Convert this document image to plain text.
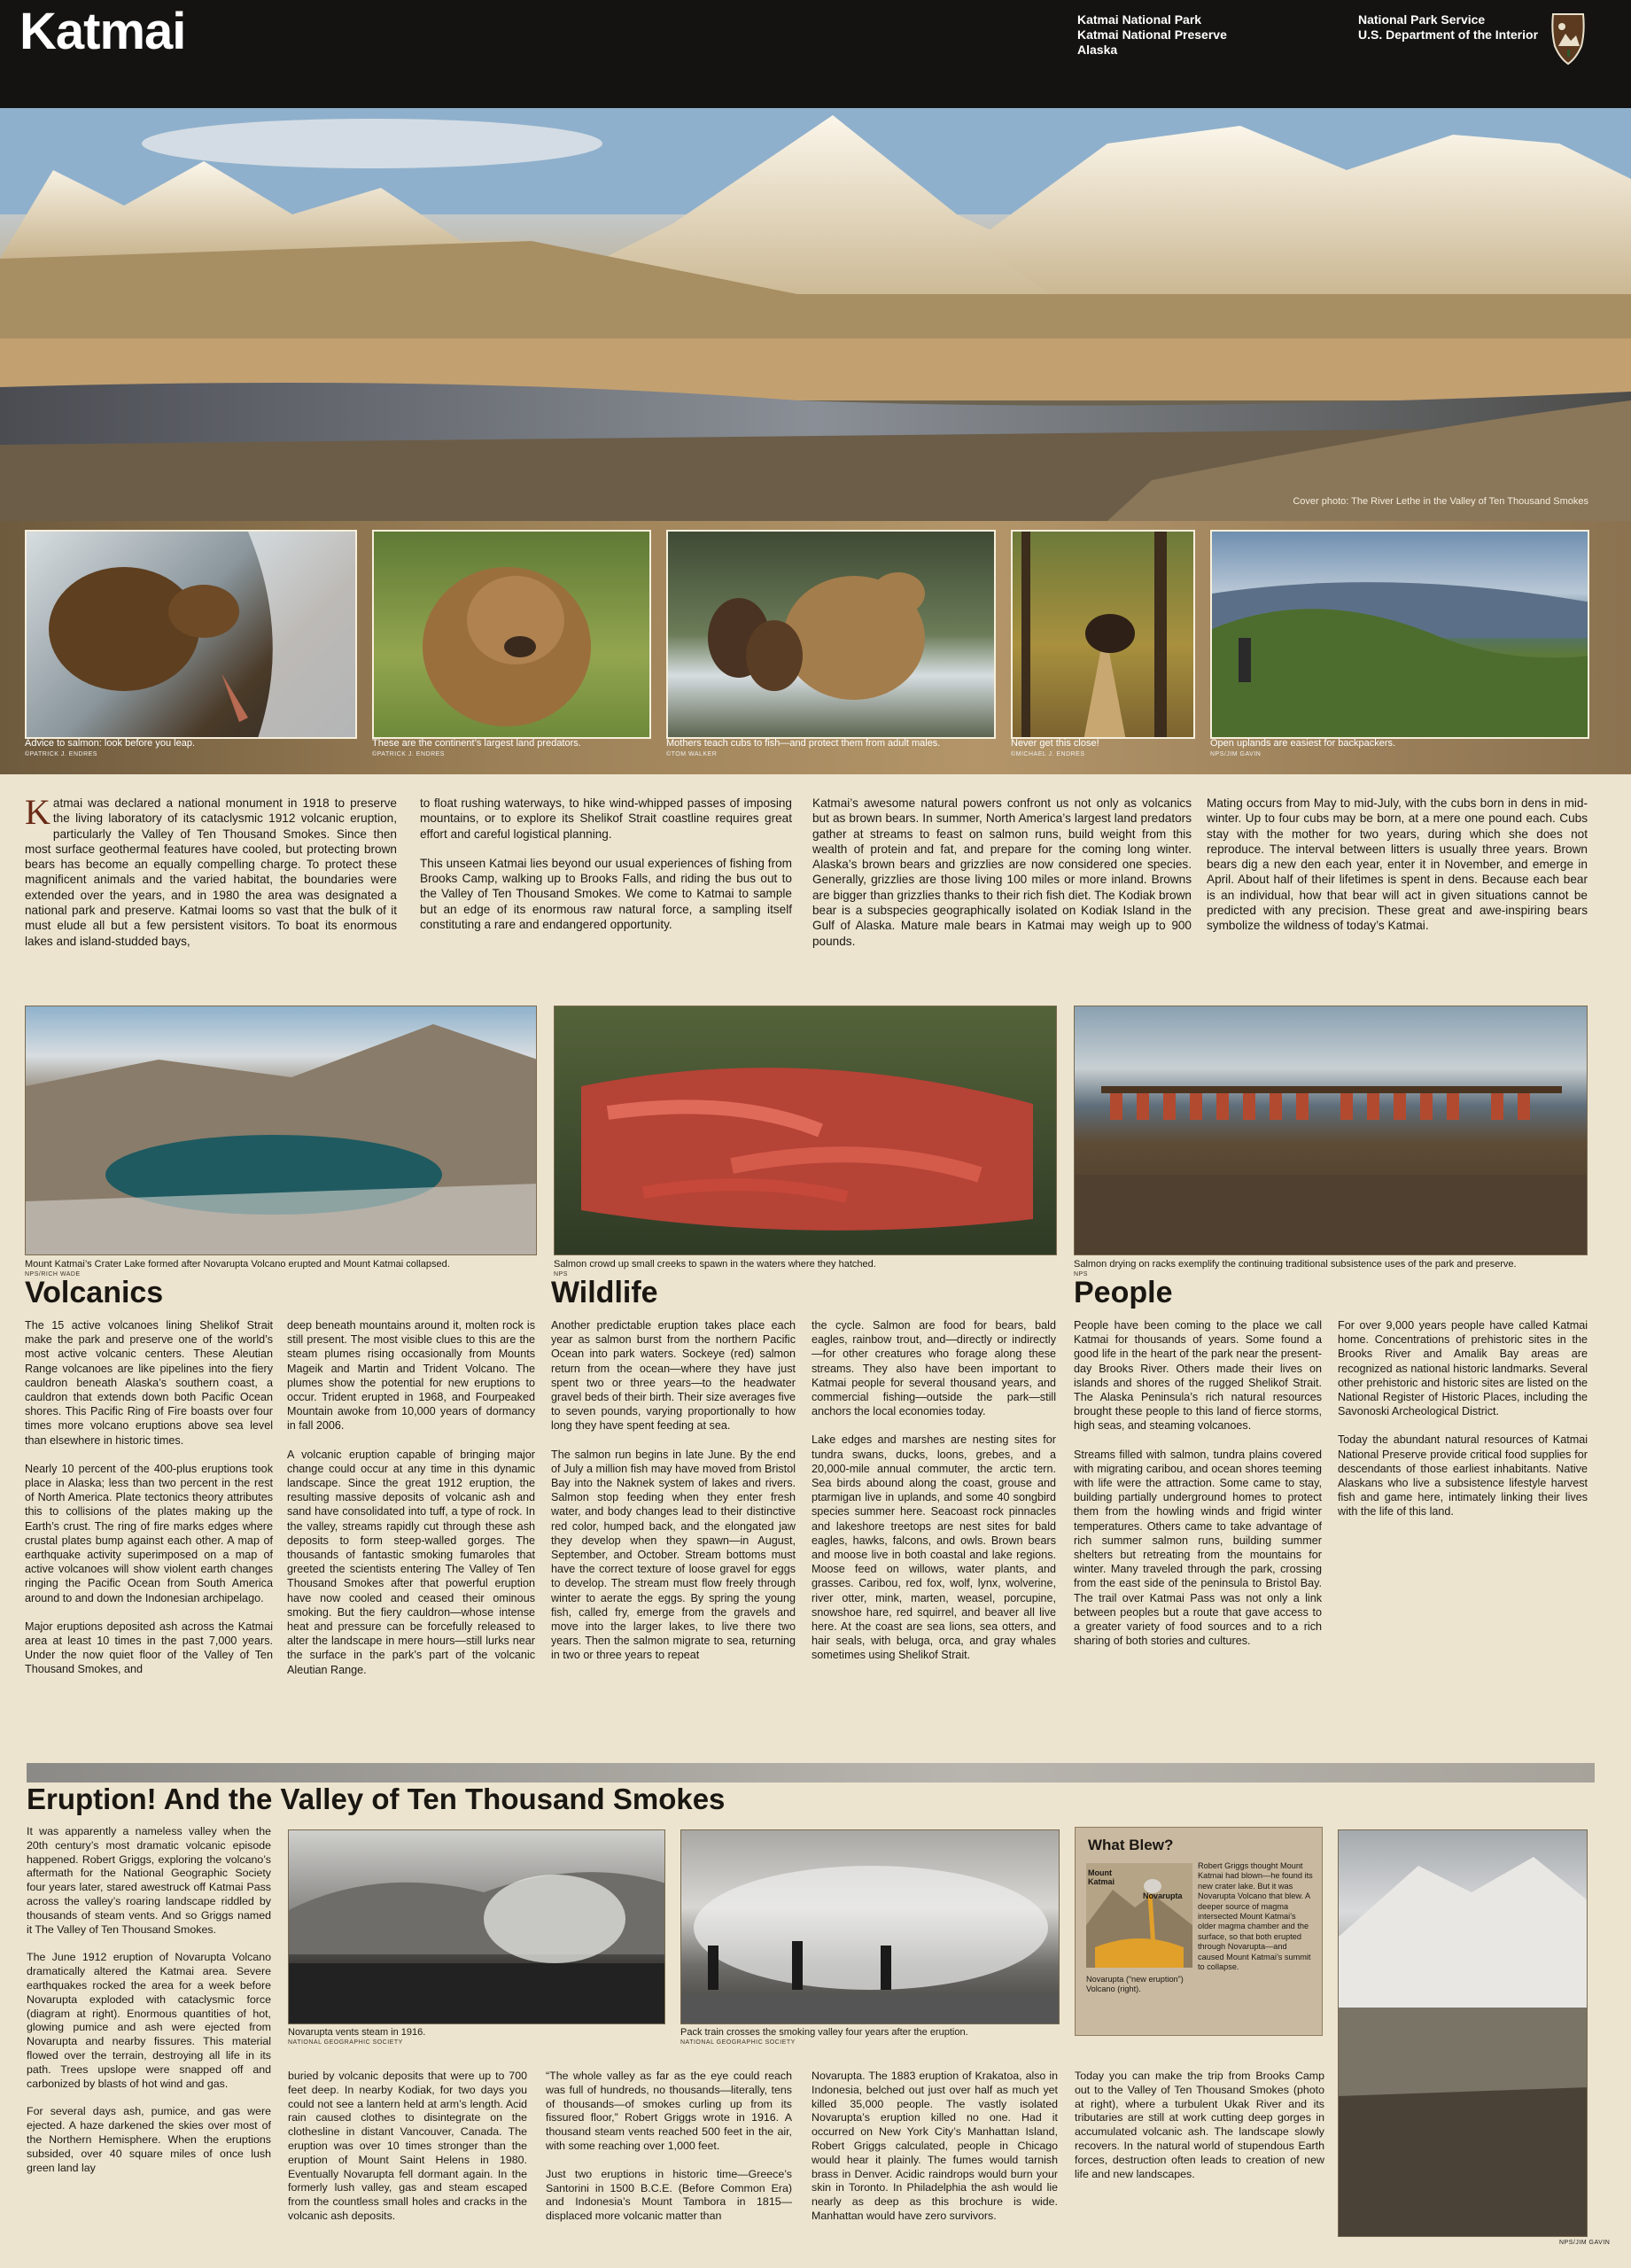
Katmai	Katmai National Park
Katmai National Preserve
Alaska
National Park Service
U.S. Department of the Interior
Cover photo: The River Lethe in the Valley of Ten Thousand Smokes
Advice to salmon: look before you leap.
©PATRICK J. ENDRES
These are the continent’s largest land predators.
©PATRICK J. ENDRES
Mothers teach cubs to fish—and protect them from adult males.
©TOM WALKER
Never get this close!
©MICHAEL J. ENDRES
Open uplands are easiest for backpackers.
NPS/JIM GAVIN
Katmai was declared a national monument in 1918 to preserve the living laboratory of its cataclysmic 1912 volcanic eruption, particularly the Valley of Ten Thousand Smokes. Since then most surface geothermal features have cooled, but protecting brown bears has become an equally compelling charge. To protect these magnificent animals and the varied habitat, the boundaries were extended over the years, and in 1980 the area was designated a national park and preserve. Katmai looms so vast that the bulk of it must elude all but a few persistent visitors. To boat its enormous lakes and island-studded bays,

to float rushing waterways, to hike wind-whipped passes of imposing mountains, or to explore its Shelikof Strait coastline requires great effort and careful logistical planning.

This unseen Katmai lies beyond our usual experiences of fishing from Brooks Camp, walking up to Brooks Falls, and riding the bus out to the Valley of Ten Thousand Smokes. We come to Katmai to sample but an edge of its enormous raw natural force, a sampling itself constituting a rare and endangered opportunity.

Katmai’s awesome natural powers confront us not only as volcanics but as brown bears. In summer, North America’s largest land predators gather at streams to feast on salmon runs, build weight from this wealth of protein and fat, and prepare for the coming long winter. Alaska’s brown bears and grizzlies are now considered one species. Generally, grizzlies are those living 100 miles or more inland. Browns are bigger than grizzlies thanks to their rich fish diet. The Kodiak brown bear is a subspecies geographically isolated on Kodiak Island in the Gulf of Alaska. Mature male bears in Katmai may weigh up to 900 pounds.

Mating occurs from May to mid-July, with the cubs born in dens in mid-winter. Up to four cubs may be born, at a mere one pound each. Cubs stay with the mother for two years, during which she does not reproduce. The interval between litters is usually three years. Brown bears dig a new den each year, enter it in November, and emerge in April. About half of their lifetimes is spent in dens. Because each bear is an individual, how that bear will act in given situations cannot be predicted with any precision. These great and awe-inspiring bears symbolize the wildness of today’s Katmai.

Mount Katmai’s Crater Lake formed after Novarupta Volcano erupted and Mount Katmai collapsed.
NPS/RICH WADE
Salmon crowd up small creeks to spawn in the waters where they hatched.
NPS
Salmon drying on racks exemplify the continuing traditional subsistence uses of the park and preserve.
NPS
Volcanics

The 15 active volcanoes lining Shelikof Strait make the park and preserve one of the world’s most active volcanic centers. These Aleutian Range volcanoes are like pipelines into the fiery cauldron beneath Alaska’s southern coast, a cauldron that extends down both Pacific Ocean shores. This Pacific Ring of Fire boasts over four times more volcano eruptions above sea level than elsewhere in historic times.

Nearly 10 percent of the 400-plus eruptions took place in Alaska; less than two percent in the rest of North America. Plate tectonics theory attributes this to collisions of the plates making up the Earth’s crust. The ring of fire marks edges where crustal plates bump against each other. A map of earthquake activity superimposed on a map of active volcanoes will show violent earth changes ringing the Pacific Ocean from South America around to and down the Indonesian archipelago.

Major eruptions deposited ash across the Katmai area at least 10 times in the past 7,000 years. Under the now quiet floor of the Valley of Ten Thousand Smokes, and

deep beneath mountains around it, molten rock is still present. The most visible clues to this are the steam plumes rising occasionally from Mounts Mageik and Martin and Trident Volcano. The plumes show the potential for new eruptions to occur. Trident erupted in 1968, and Fourpeaked Mountain awoke from 10,000 years of dormancy in fall 2006.

A volcanic eruption capable of bringing major change could occur at any time in this dynamic landscape. Since the great 1912 eruption, the resulting massive deposits of volcanic ash and sand have consolidated into tuff, a type of rock. In the valley, streams rapidly cut through these ash deposits to form steep-walled gorges. The thousands of fantastic smoking fumaroles that greeted the scientists entering The Valley of Ten Thousand Smokes after that powerful eruption have now cooled and ceased their ominous smoking. But the fiery cauldron—whose intense heat and pressure can be forcefully released to alter the landscape in mere hours—still lurks near the surface in the park’s part of the volcanic Aleutian Range.

Wildlife

Another predictable eruption takes place each year as salmon burst from the northern Pacific Ocean into park waters. Sockeye (red) salmon return from the ocean—where they have just spent two or three years—to the headwater gravel beds of their birth. Their size averages five to seven pounds, varying proportionally to how long they have spent feeding at sea.

The salmon run begins in late June. By the end of July a million fish may have moved from Bristol Bay into the Naknek system of lakes and rivers. Salmon stop feeding when they enter fresh water, and body changes lead to their distinctive red color, humped back, and the elongated jaw they develop when they spawn—in August, September, and October. Stream bottoms must have the correct texture of loose gravel for eggs to develop. The stream must flow freely through winter to aerate the eggs. By spring the young fish, called fry, emerge from the gravels and move into the larger lakes, to live there two years. Then the salmon migrate to sea, returning in two or three years to repeat

the cycle. Salmon are food for bears, bald eagles, rainbow trout, and—directly or indirectly—for other creatures who forage along these streams. They also have been important to Katmai people for several thousand years, and commercial fishing—outside the park—still anchors the local economies today.

Lake edges and marshes are nesting sites for tundra swans, ducks, loons, grebes, and a 20,000-mile annual commuter, the arctic tern. Sea birds abound along the coast, grouse and ptarmigan live in uplands, and some 40 songbird species summer here. Seacoast rock pinnacles and lakeshore treetops are nest sites for bald eagles, hawks, falcons, and owls. Brown bears and moose live in both coastal and lake regions. Moose feed on willows, water plants, and grasses. Caribou, red fox, wolf, lynx, wolverine, river otter, mink, marten, weasel, porcupine, snowshoe hare, red squirrel, and beaver all live here. At the coast are sea lions, sea otters, and hair seals, with beluga, orca, and gray whales sometimes using Shelikof Strait.

People

People have been coming to the place we call Katmai for thousands of years. Some found a good life in the heart of the park near the present-day Brooks River. Others made their lives on islands and shores of the rugged Shelikof Strait. The Alaska Peninsula’s rich natural resources brought these people to this land of fierce storms, high seas, and steaming volcanoes.

Streams filled with salmon, tundra plains covered with migrating caribou, and ocean shores teeming with life were the attraction. Some came to stay, building partially underground homes to protect them from the howling winds and frigid winter temperatures. Others came to take advantage of rich summer salmon runs, building summer shelters but retreating from the mountains for winter. Many traveled through the park, crossing from the east side of the peninsula to Bristol Bay. The trail over Katmai Pass was not only a link between peoples but a route that gave access to a greater variety of food sources and to a rich sharing of both stories and cultures.

For over 9,000 years people have called Katmai home. Concentrations of prehistoric sites in the Brooks River and Amalik Bay areas are recognized as national historic landmarks. Several other prehistoric and historic sites are listed on the National Register of Historic Places, including the Savonoski Archeological District.

Today the abundant natural resources of Katmai National Preserve provide critical food supplies for descendants of those earliest inhabitants. Native Alaskans who live a subsistence lifestyle harvest fish and game here, intimately linking their lives with the life of this land.

Eruption! And the Valley of Ten Thousand Smokes

It was apparently a nameless valley when the 20th century’s most dramatic volcanic episode happened. Robert Griggs, exploring the volcano’s aftermath for the National Geographic Society four years later, stared awestruck off Katmai Pass across the valley’s roaring landscape riddled by thousands of steam vents. And so Griggs named it The Valley of Ten Thousand Smokes.

The June 1912 eruption of Novarupta Volcano dramatically altered the Katmai area. Severe earthquakes rocked the area for a week before Novarupta exploded with cataclysmic force (diagram at right). Enormous quantities of hot, glowing pumice and ash were ejected from Novarupta and nearby fissures. This material flowed over the terrain, destroying all life in its path. Trees upslope were snapped off and carbonized by blasts of hot wind and gas.

For several days ash, pumice, and gas were ejected. A haze darkened the skies over most of the Northern Hemisphere. When the eruptions subsided, over 40 square miles of once lush green land lay

Novarupta vents steam in 1916.
NATIONAL GEOGRAPHIC SOCIETY
Pack train crosses the smoking valley four years after the eruption.
NATIONAL GEOGRAPHIC SOCIETY
What Blew?
Mount Katmai
Novarupta
Robert Griggs thought Mount Katmai had blown—he found its new crater lake. But it was Novarupta Volcano that blew. A deeper source of magma intersected Mount Katmai’s older magma chamber and the surface, so that both erupted through Novarupta—and caused Mount Katmai’s summit to collapse.
Novarupta (“new eruption”) Volcano (right).
NPS/JIM GAVIN

buried by volcanic deposits that were up to 700 feet deep. In nearby Kodiak, for two days you could not see a lantern held at arm’s length. Acid rain caused clothes to disintegrate on the clothesline in distant Vancouver, Canada. The eruption was over 10 times stronger than the eruption of Mount Saint Helens in 1980. Eventually Novarupta fell dormant again. In the formerly lush valley, gas and steam escaped from the countless small holes and cracks in the volcanic ash deposits.

“The whole valley as far as the eye could reach was full of hundreds, no thousands—literally, tens of thousands—of smokes curling up from its fissured floor,” Robert Griggs wrote in 1916. A thousand steam vents reached 500 feet in the air, with some reaching over 1,000 feet.

Just two eruptions in historic time—Greece’s Santorini in 1500 B.C.E. (Before Common Era) and Indonesia’s Mount Tambora in 1815—displaced more volcanic matter than

Novarupta. The 1883 eruption of Krakatoa, also in Indonesia, belched out just over half as much yet killed 35,000 people. The vastly isolated Novarupta’s eruption killed no one. Had it occurred on New York City’s Manhattan Island, Robert Griggs calculated, people in Chicago would hear it plainly. The fumes would tarnish brass in Denver. Acidic raindrops would burn your skin in Toronto. In Philadelphia the ash would lie nearly as deep as this brochure is wide. Manhattan would have zero survivors.

Today you can make the trip from Brooks Camp out to the Valley of Ten Thousand Smokes (photo at right), where a turbulent Ukak River and its tributaries are still at work cutting deep gorges in accumulated volcanic ash. The landscape slowly recovers. In the natural world of stupendous Earth forces, destruction often leads to creation of new life and new landscapes.
